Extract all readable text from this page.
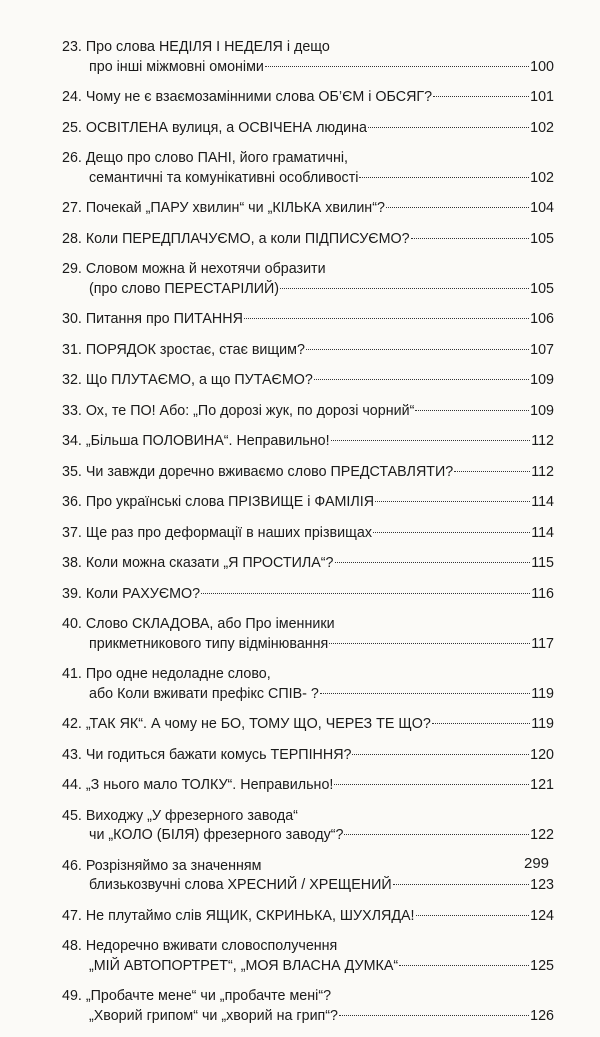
23. Про слова НЕДІЛЯ І НЕДЕЛЯ і дещо
про інші міжмовні омоніми	100
24. Чому не є взаємозамінними слова ОБ’ЄМ і ОБСЯГ?	101
25. ОСВІТЛЕНА вулиця, а ОСВІЧЕНА людина	102
26. Дещо про слово ПАНІ, його граматичні,
семантичні та комунікативні особливості	102
27. Почекай „ПАРУ хвилин“ чи „КІЛЬКА хвилин“?	104
28. Коли ПЕРЕДПЛАЧУЄМО, а коли ПІДПИСУЄМО?	105
29. Словом можна й нехотячи образити
(про слово ПЕРЕСТАРІЛИЙ)	105
30. Питання про ПИТАННЯ	106
31. ПОРЯДОК зростає, стає вищим?	107
32. Що ПЛУТАЄМО, а що ПУТАЄМО?	109
33. Ох, те ПО! Або: „По дорозі жук, по дорозі чорний“	109
34. „Більша ПОЛОВИНА“. Неправильно!	112
35. Чи завжди доречно вживаємо слово ПРЕДСТАВЛЯТИ?	112
36. Про українські слова ПРІЗВИЩЕ і ФАМІЛІЯ	114
37. Ще раз про деформації в наших прізвищах	114
38. Коли можна сказати „Я ПРОСТИЛА“?	115
39. Коли РАХУЄМО?	116
40. Слово СКЛАДОВА, або Про іменники
прикметникового типу відмінювання	117
41. Про одне недоладне слово,
або Коли вживати префікс СПІВ- ?	119
42. „ТАК ЯК“. А чому не БО, ТОМУ ЩО, ЧЕРЕЗ ТЕ ЩО?	119
43. Чи годиться бажати комусь ТЕРПІННЯ?	120
44. „З нього мало ТОЛКУ“. Неправильно!	121
45. Виходжу „У фрезерного завода“
чи „КОЛО (БІЛЯ) фрезерного заводу“?	122
46. Розрізняймо за значенням
близькозвучні слова ХРЕСНИЙ / ХРЕЩЕНИЙ	123
47. Не плутаймо слів ЯЩИК, СКРИНЬКА, ШУХЛЯДА!	124
48. Недоречно вживати словосполучення
„МІЙ АВТОПОРТРЕТ“, „МОЯ ВЛАСНА ДУМКА“	125
49. „Пробачте мене“ чи „пробачте мені“?
„Хворий грипом“ чи „хворий на грип“?	126
299
